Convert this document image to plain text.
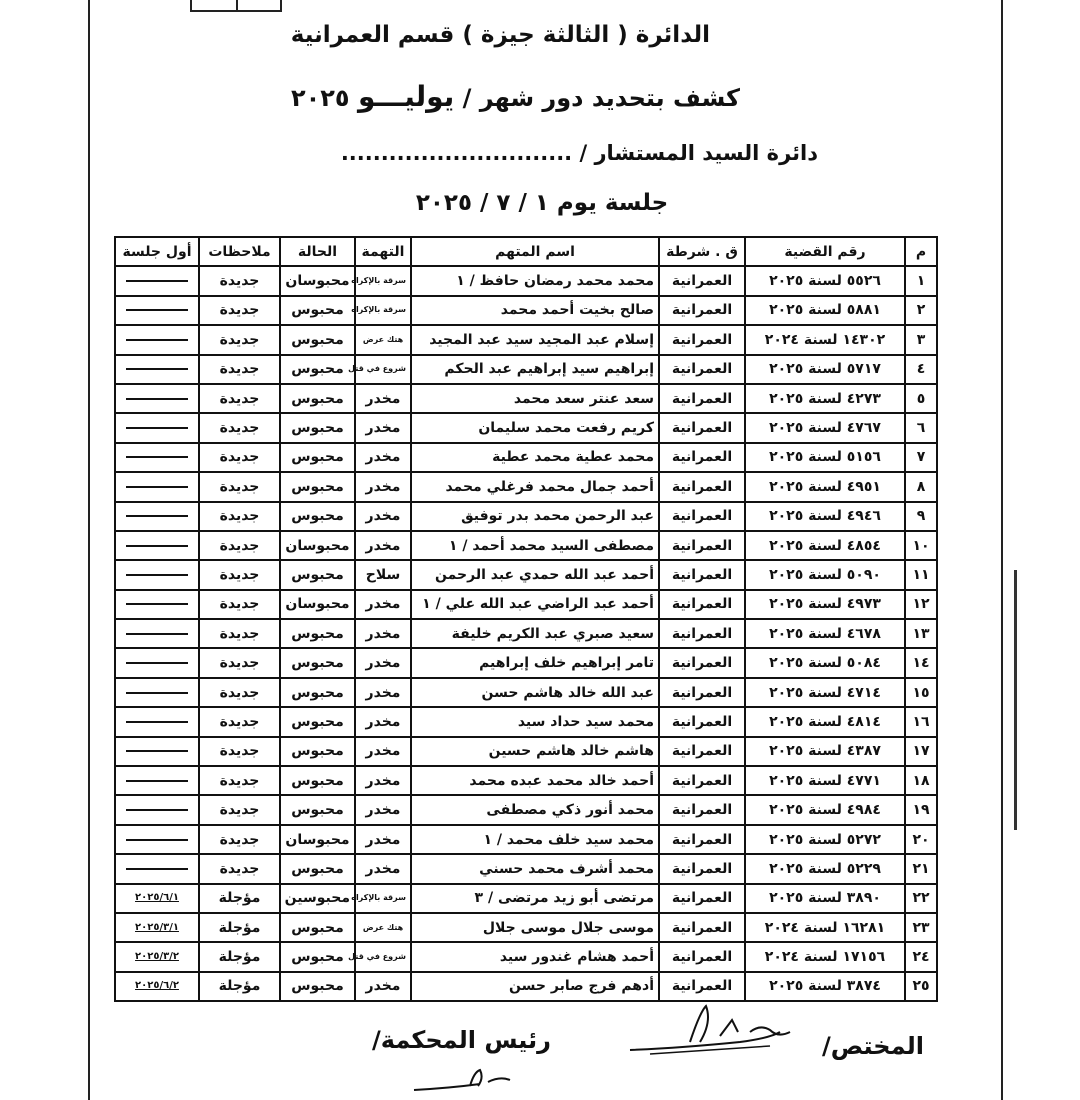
الدائرة ( الثالثة جيزة ) قسم العمرانية
كشف بتحديد دور شهر / يوليـــو ٢٠٢٥
دائرة السيد المستشار / .............................
جلسة يوم ١ / ٧ / ٢٠٢٥
م	رقم القضية	ق . شرطة	اسم المتهم	التهمة	الحالة	ملاحظات	أول جلسة
١	٥٥٢٦ لسنة ٢٠٢٥	العمرانية	محمد محمد رمضان حافظ / ١	سرقة بالإكراه	محبوسان	جديدة	
٢	٥٨٨١ لسنة ٢٠٢٥	العمرانية	صالح بخيت أحمد محمد	سرقة بالإكراه	محبوس	جديدة	
٣	١٤٣٠٢ لسنة ٢٠٢٤	العمرانية	إسلام عبد المجيد سيد عبد المجيد	هتك عرض	محبوس	جديدة	
٤	٥٧١٧ لسنة ٢٠٢٥	العمرانية	إبراهيم سيد إبراهيم عبد الحكم	شروع في قتل	محبوس	جديدة	
٥	٤٢٧٣ لسنة ٢٠٢٥	العمرانية	سعد عنتر سعد محمد	مخدر	محبوس	جديدة	
٦	٤٧٦٧ لسنة ٢٠٢٥	العمرانية	كريم رفعت محمد سليمان	مخدر	محبوس	جديدة	
٧	٥١٥٦ لسنة ٢٠٢٥	العمرانية	محمد عطية محمد عطية	مخدر	محبوس	جديدة	
٨	٤٩٥١ لسنة ٢٠٢٥	العمرانية	أحمد جمال محمد فرغلي محمد	مخدر	محبوس	جديدة	
٩	٤٩٤٦ لسنة ٢٠٢٥	العمرانية	عبد الرحمن محمد بدر توفيق	مخدر	محبوس	جديدة	
١٠	٤٨٥٤ لسنة ٢٠٢٥	العمرانية	مصطفى السيد محمد أحمد / ١	مخدر	محبوسان	جديدة	
١١	٥٠٩٠ لسنة ٢٠٢٥	العمرانية	أحمد عبد الله حمدي عبد الرحمن	سلاح	محبوس	جديدة	
١٢	٤٩٧٣ لسنة ٢٠٢٥	العمرانية	أحمد عبد الراضي عبد الله علي / ١	مخدر	محبوسان	جديدة	
١٣	٤٦٧٨ لسنة ٢٠٢٥	العمرانية	سعيد صبري عبد الكريم خليفة	مخدر	محبوس	جديدة	
١٤	٥٠٨٤ لسنة ٢٠٢٥	العمرانية	تامر إبراهيم خلف إبراهيم	مخدر	محبوس	جديدة	
١٥	٤٧١٤ لسنة ٢٠٢٥	العمرانية	عبد الله خالد هاشم حسن	مخدر	محبوس	جديدة	
١٦	٤٨١٤ لسنة ٢٠٢٥	العمرانية	محمد سيد حداد سيد	مخدر	محبوس	جديدة	
١٧	٤٣٨٧ لسنة ٢٠٢٥	العمرانية	هاشم خالد هاشم حسين	مخدر	محبوس	جديدة	
١٨	٤٧٧١ لسنة ٢٠٢٥	العمرانية	أحمد خالد محمد عبده محمد	مخدر	محبوس	جديدة	
١٩	٤٩٨٤ لسنة ٢٠٢٥	العمرانية	محمد أنور ذكي مصطفى	مخدر	محبوس	جديدة	
٢٠	٥٢٧٢ لسنة ٢٠٢٥	العمرانية	محمد سيد خلف محمد / ١	مخدر	محبوسان	جديدة	
٢١	٥٢٢٩ لسنة ٢٠٢٥	العمرانية	محمد أشرف محمد حسني	مخدر	محبوس	جديدة	
٢٢	٣٨٩٠ لسنة ٢٠٢٥	العمرانية	مرتضى أبو زيد مرتضى / ٣	سرقة بالإكراه	محبوسين	مؤجلة	٢٠٢٥/٦/١
٢٣	١٦٢٨١ لسنة ٢٠٢٤	العمرانية	موسى جلال موسى جلال	هتك عرض	محبوس	مؤجلة	٢٠٢٥/٣/١
٢٤	١٧١٥٦ لسنة ٢٠٢٤	العمرانية	أحمد هشام غندور سيد	شروع في قتل	محبوس	مؤجلة	٢٠٢٥/٣/٢
٢٥	٣٨٧٤ لسنة ٢٠٢٥	العمرانية	أدهم فرج صابر حسن	مخدر	محبوس	مؤجلة	٢٠٢٥/٦/٢
المختص/
رئيس المحكمة/
